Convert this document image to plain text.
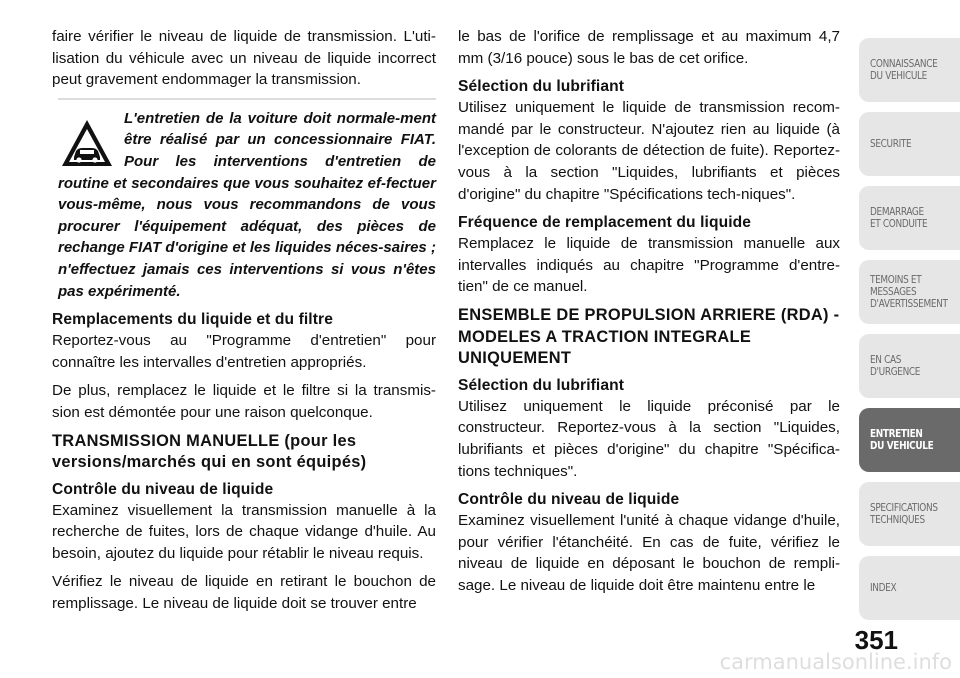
faire vérifier le niveau de liquide de transmission. L'uti-lisation du véhicule avec un niveau de liquide incorrect peut gravement endommager la transmission.

L'entretien de la voiture doit normale-ment être réalisé par un concessionnaire FIAT. Pour les interventions d'entretien de routine et secondaires que vous souhaitez ef-fectuer vous-même, nous vous recommandons de vous procurer l'équipement adéquat, des pièces de rechange FIAT d'origine et les liquides néces-saires ; n'effectuez jamais ces interventions si vous n'êtes pas expérimenté.

Remplacements du liquide et du filtre

Reportez-vous au "Programme d'entretien" pour connaître les intervalles d'entretien appropriés.

De plus, remplacez le liquide et le filtre si la transmis-sion est démontée pour une raison quelconque.

TRANSMISSION MANUELLE (pour les versions/marchés qui en sont équipés)
Contrôle du niveau de liquide

Examinez visuellement la transmission manuelle à la recherche de fuites, lors de chaque vidange d'huile. Au besoin, ajoutez du liquide pour rétablir le niveau requis.

Vérifiez le niveau de liquide en retirant le bouchon de remplissage. Le niveau de liquide doit se trouver entre

le bas de l'orifice de remplissage et au maximum 4,7 mm (3/16 pouce) sous le bas de cet orifice.

Sélection du lubrifiant

Utilisez uniquement le liquide de transmission recom-mandé par le constructeur. N'ajoutez rien au liquide (à l'exception de colorants de détection de fuite). Reportez-vous à la section "Liquides, lubrifiants et pièces d'origine" du chapitre "Spécifications tech-niques".

Fréquence de remplacement du liquide

Remplacez le liquide de transmission manuelle aux intervalles indiqués au chapitre "Programme d'entre-tien" de ce manuel.

ENSEMBLE DE PROPULSION ARRIERE (RDA) - MODELES A TRACTION INTEGRALE UNIQUEMENT
Sélection du lubrifiant

Utilisez uniquement le liquide préconisé par le constructeur. Reportez-vous à la section "Liquides, lubrifiants et pièces d'origine" du chapitre "Spécifica-tions techniques".

Contrôle du niveau de liquide

Examinez visuellement l'unité à chaque vidange d'huile, pour vérifier l'étanchéité. En cas de fuite, vérifiez le niveau de liquide en déposant le bouchon de rempli-sage. Le niveau de liquide doit être maintenu entre le

CONNAISSANCE
DU VEHICULE
SECURITE
DEMARRAGE
ET CONDUITE
TEMOINS ET
MESSAGES
D'AVERTISSEMENT
EN CAS
D'URGENCE
ENTRETIEN
DU VEHICULE
SPECIFICATIONS
TECHNIQUES
INDEX
351
carmanualsonline.info
